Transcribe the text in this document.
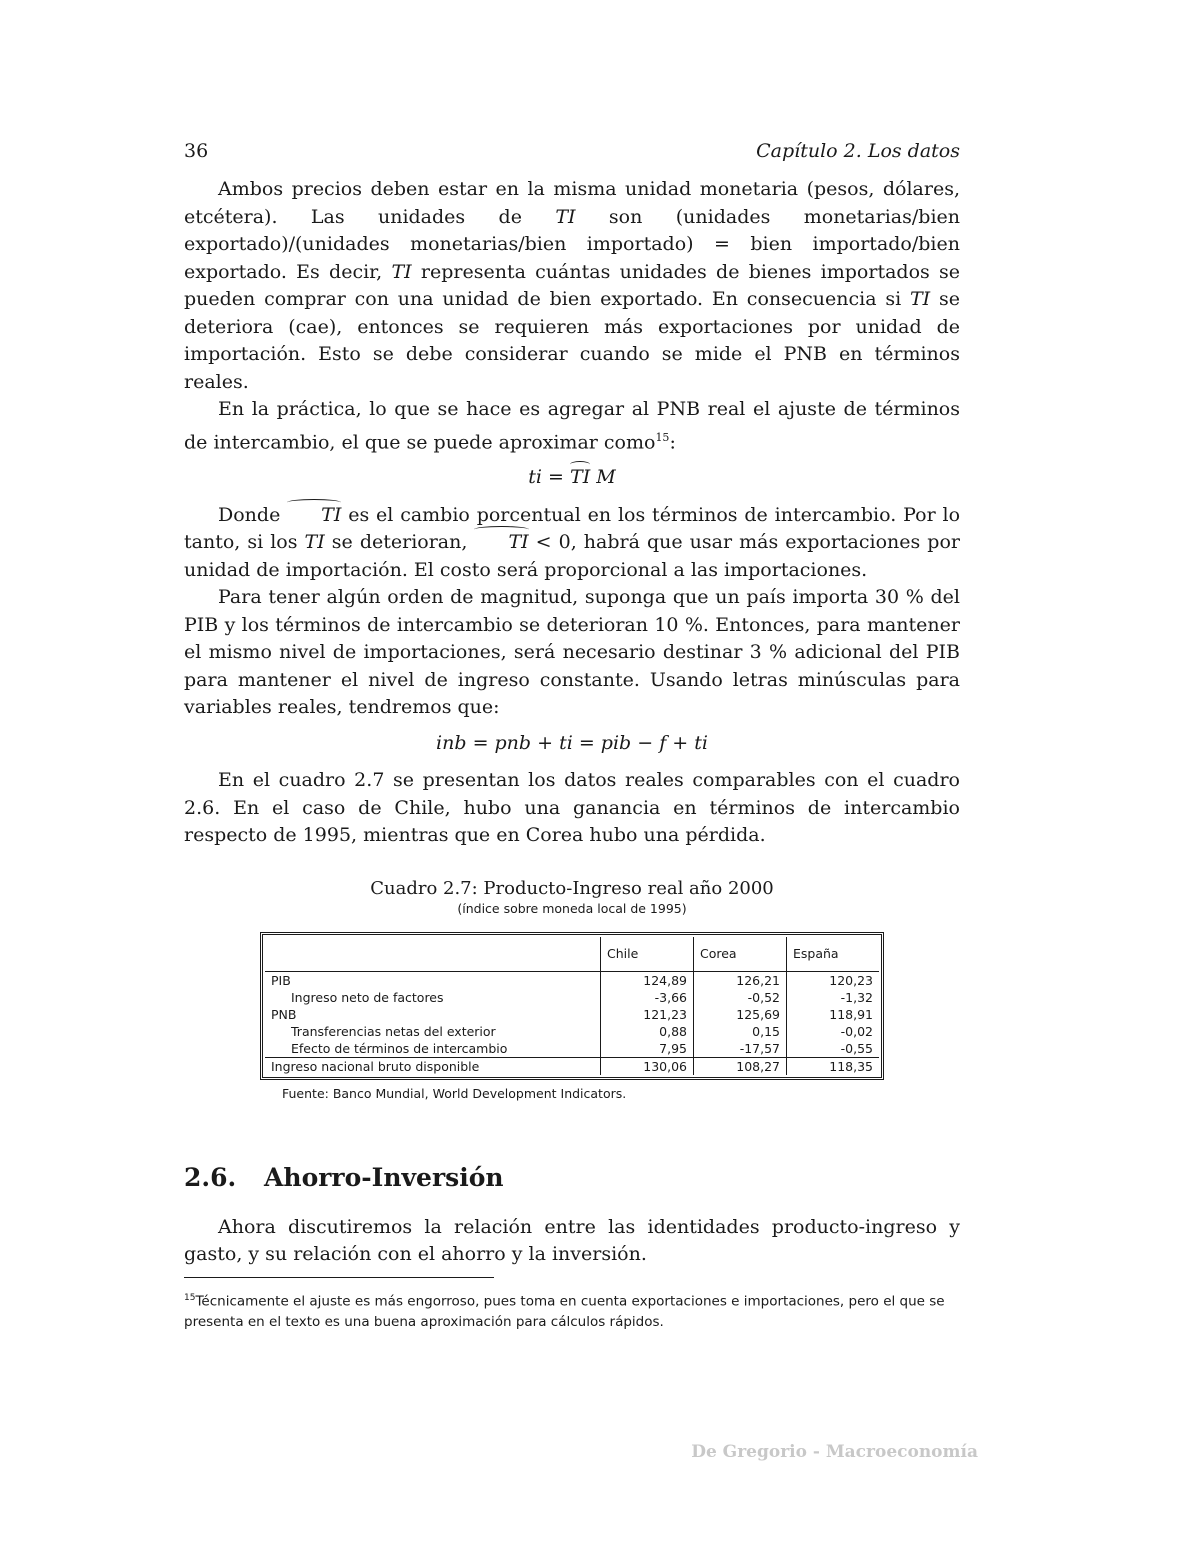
36	Capítulo 2. Los datos

Ambos precios deben estar en la misma unidad monetaria (pesos, dólares, etcétera). Las unidades de TI son (unidades monetarias/bien exportado)/(unidades monetarias/bien importado) = bien importado/bien exportado. Es decir, TI representa cuántas unidades de bienes importados se pueden comprar con una unidad de bien exportado. En consecuencia si TI se deteriora (cae), entonces se requieren más exportaciones por unidad de importación. Esto se debe considerar cuando se mide el PNB en términos reales.

En la práctica, lo que se hace es agregar al PNB real el ajuste de términos de intercambio, el que se puede aproximar como$^{15}$:

ti = TI M

Donde TI es el cambio porcentual en los términos de intercambio. Por lo tanto, si los TI se deterioran, TI < 0, habrá que usar más exportaciones por unidad de importación. El costo será proporcional a las importaciones.

Para tener algún orden de magnitud, suponga que un país importa 30 % del PIB y los términos de intercambio se deterioran 10 %. Entonces, para mantener el mismo nivel de importaciones, será necesario destinar 3 % adicional del PIB para mantener el nivel de ingreso constante. Usando letras minúsculas para variables reales, tendremos que:

inb = pnb + ti = pib − f + ti

En el cuadro 2.7 se presentan los datos reales comparables con el cuadro 2.6. En el caso de Chile, hubo una ganancia en términos de intercambio respecto de 1995, mientras que en Corea hubo una pérdida.

Cuadro 2.7: Producto-Ingreso real año 2000
(índice sobre moneda local de 1995)
	Chile	Corea	España
PIB	124,89	126,21	120,23
Ingreso neto de factores	-3,66	-0,52	-1,32
PNB	121,23	125,69	118,91
Transferencias netas del exterior	0,88	0,15	-0,02
Efecto de términos de intercambio	7,95	-17,57	-0,55
Ingreso nacional bruto disponible	130,06	108,27	118,35
Fuente: Banco Mundial, World Development Indicators.
2.6. Ahorro-Inversión

Ahora discutiremos la relación entre las identidades producto-ingreso y gasto, y su relación con el ahorro y la inversión.

$^{15}$Técnicamente el ajuste es más engorroso, pues toma en cuenta exportaciones e importaciones, pero el que se presenta en el texto es una buena aproximación para cálculos rápidos.
De Gregorio - Macroeconomía
